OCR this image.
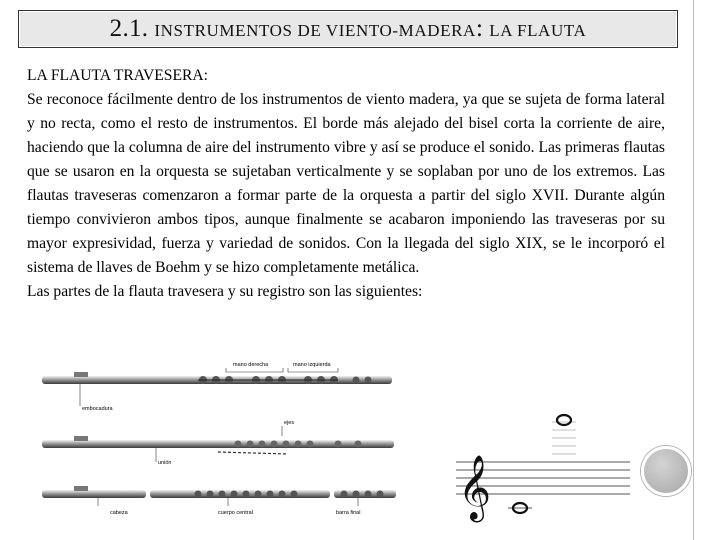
2.1. INSTRUMENTOS DE VIENTO-MADERA: LA FLAUTA

LA FLAUTA TRAVESERA:

Se reconoce fácilmente dentro de los instrumentos de viento madera, ya que se sujeta de forma lateral y no recta, como el resto de instrumentos. El borde más alejado del bisel corta la corriente de aire, haciendo que la columna de aire del instrumento vibre y así se produce el sonido. Las primeras flautas que se usaron en la orquesta se sujetaban verticalmente y se soplaban por uno de los extremos. Las flautas traveseras comenzaron a formar parte de la orquesta a partir del siglo XVII. Durante algún tiempo convivieron ambos tipos, aunque finalmente se acabaron imponiendo las traveseras por su mayor expresividad, fuerza y variedad de sonidos. Con la llegada del siglo XIX, se le incorporó el sistema de llaves de Boehm y se hizo completamente metálica.

Las partes de la flauta travesera y su registro son las siguientes:

mano derecha	mano izquierda
embocadura
ejes
unión
cabeza	cuerpo central	barra final 𝄞
